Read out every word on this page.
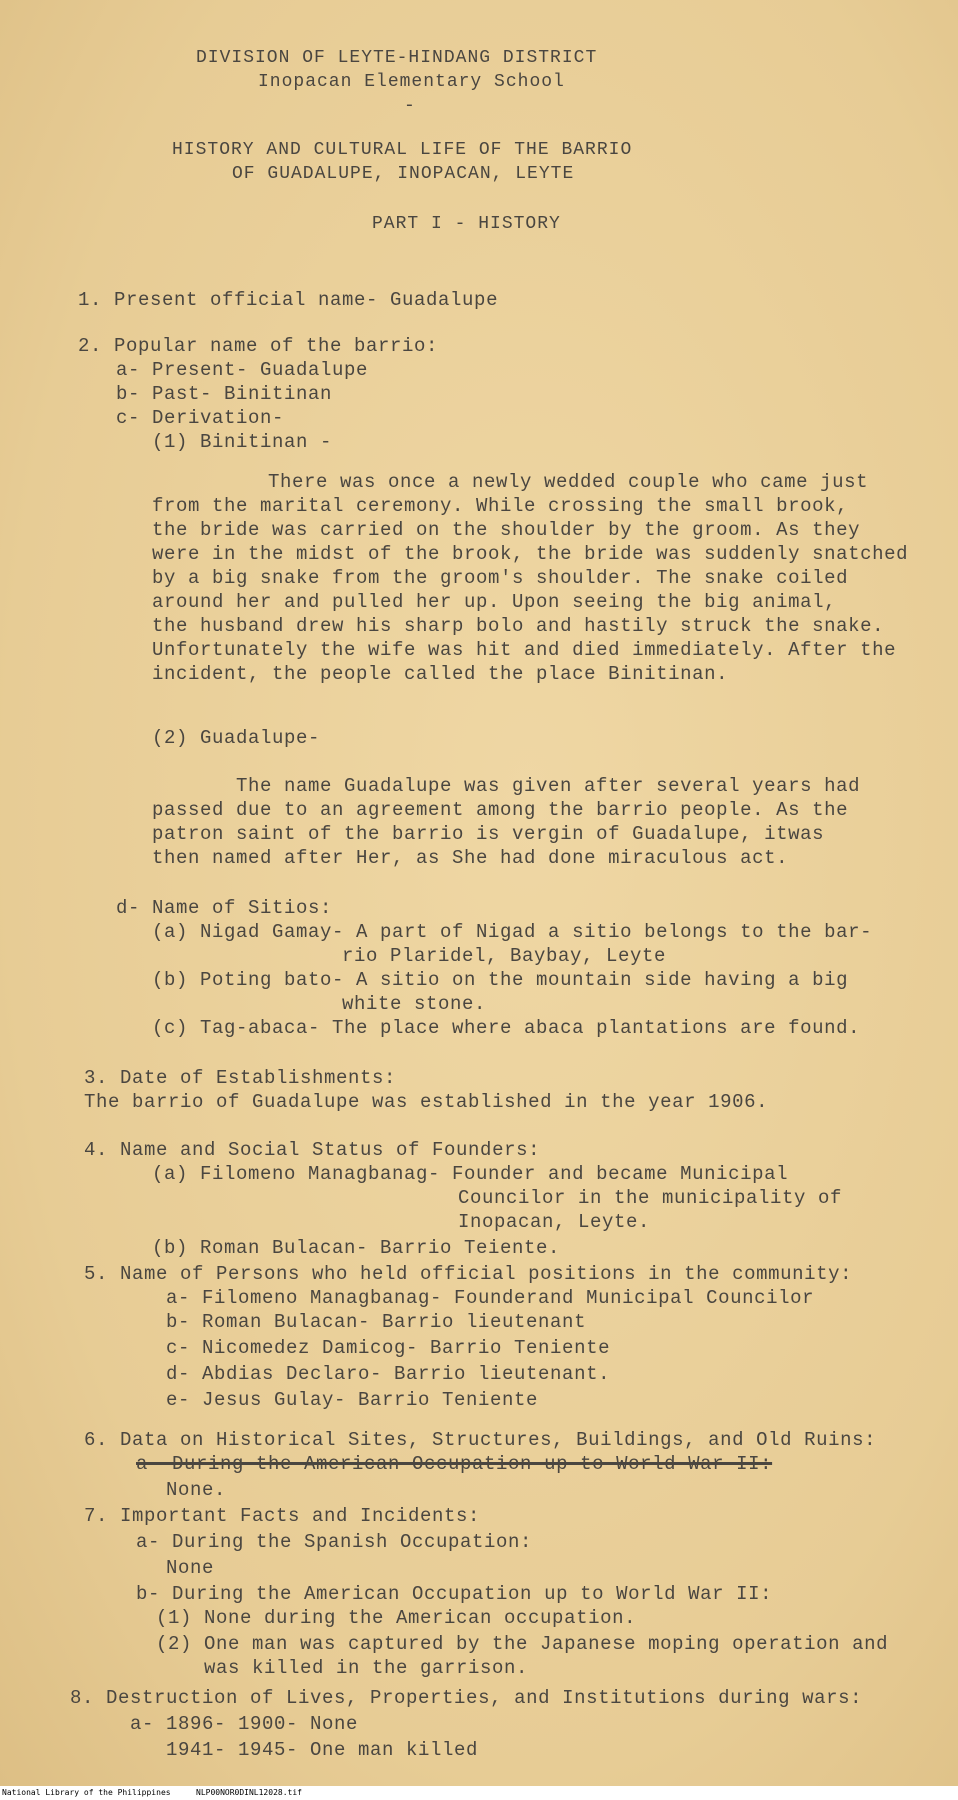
DIVISION OF LEYTE-HINDANG DISTRICT
Inopacan Elementary School
-
HISTORY AND CULTURAL LIFE OF THE BARRIO
OF GUADALUPE, INOPACAN, LEYTE
PART I - HISTORY
1. Present official name- Guadalupe
2. Popular name of the barrio:
a- Present- Guadalupe
b- Past- Binitinan
c- Derivation-
(1) Binitinan -
There was once a newly wedded couple who came just
from the marital ceremony. While crossing the small brook,
the bride was carried on the shoulder by the groom. As they
were in the midst of the brook, the bride was suddenly snatched
by a big snake from the groom's shoulder. The snake coiled
around her and pulled her up. Upon seeing the big animal,
the husband drew his sharp bolo and hastily struck the snake.
Unfortunately the wife was hit and died immediately. After the
incident, the people called the place Binitinan.
(2) Guadalupe-
The name Guadalupe was given after several years had
passed due to an agreement among the barrio people. As the
patron saint of the barrio is vergin of Guadalupe, itwas
then named after Her, as She had done miraculous act.
d- Name of Sitios:
(a) Nigad Gamay- A part of Nigad a sitio belongs to the bar-
rio Plaridel, Baybay, Leyte
(b) Poting bato- A sitio on the mountain side having a big
white stone.
(c) Tag-abaca- The place where abaca plantations are found.
3. Date of Establishments:
The barrio of Guadalupe was established in the year 1906.
4. Name and Social Status of Founders:
(a) Filomeno Managbanag- Founder and became Municipal
Councilor in the municipality of
Inopacan, Leyte.
(b) Roman Bulacan- Barrio Teiente.
5. Name of Persons who held official positions in the community:
a- Filomeno Managbanag- Founderand Municipal Councilor
b- Roman Bulacan- Barrio lieutenant
c- Nicomedez Damicog- Barrio Teniente
d- Abdias Declaro- Barrio lieutenant.
e- Jesus Gulay- Barrio Teniente
6. Data on Historical Sites, Structures, Buildings, and Old Ruins:
a- During the American Occupation up to World War II:
None.
7. Important Facts and Incidents:
a- During the Spanish Occupation:
None
b- During the American Occupation up to World War II:
(1) None during the American occupation.
(2) One man was captured by the Japanese moping operation and
was killed in the garrison.
8. Destruction of Lives, Properties, and Institutions during wars:
a- 1896- 1900- None
1941- 1945- One man killed
National Library of the Philippines	NLP00NOR0DINL12028.tif
